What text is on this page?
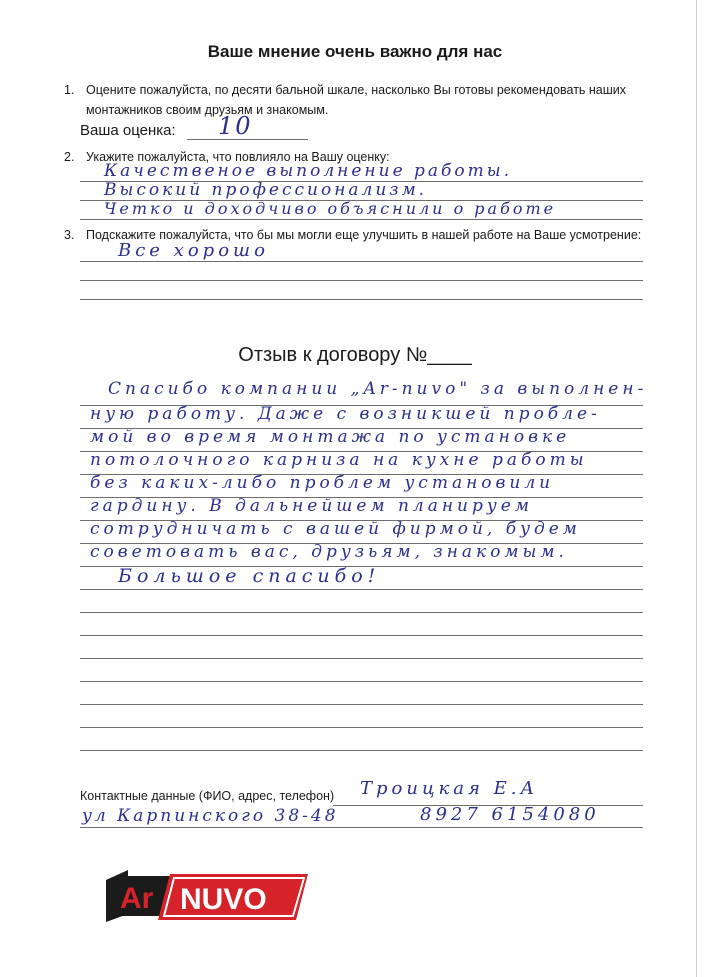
Ваше мнение очень важно для нас
1. Оцените пожалуйста, по десяти бальной шкале, насколько Вы готовы рекомендовать наших
монтажников своим друзьям и знакомым.
Ваша оценка: 10
2. Укажите пожалуйста, что повлияло на Вашу оценку:
Качественое выполнение работы.
Высокий профессионализм.
Четко и доходчиво объяснили о работе
3. Подскажите пожалуйста, что бы мы могли еще улучшить в нашей работе на Ваше усмотрение:
Все хорошо
Отзыв к договору №____
Спасибо компании „Ar-nuvo" за выполнен-
ную работу. Даже с возникшей пробле-
мой во время монтажа по установке
потолочного карниза на кухне работы
без каких-либо проблем установили
гардину. В дальнейшем планируем
сотрудничать с вашей фирмой, будем
советовать вас, друзьям, знакомым.
Большое спасибо!
Контактные данные (ФИО, адрес, телефон) Троицкая Е.А
ул Карпинского 38-48	8927 6154080
Ar NUVO
